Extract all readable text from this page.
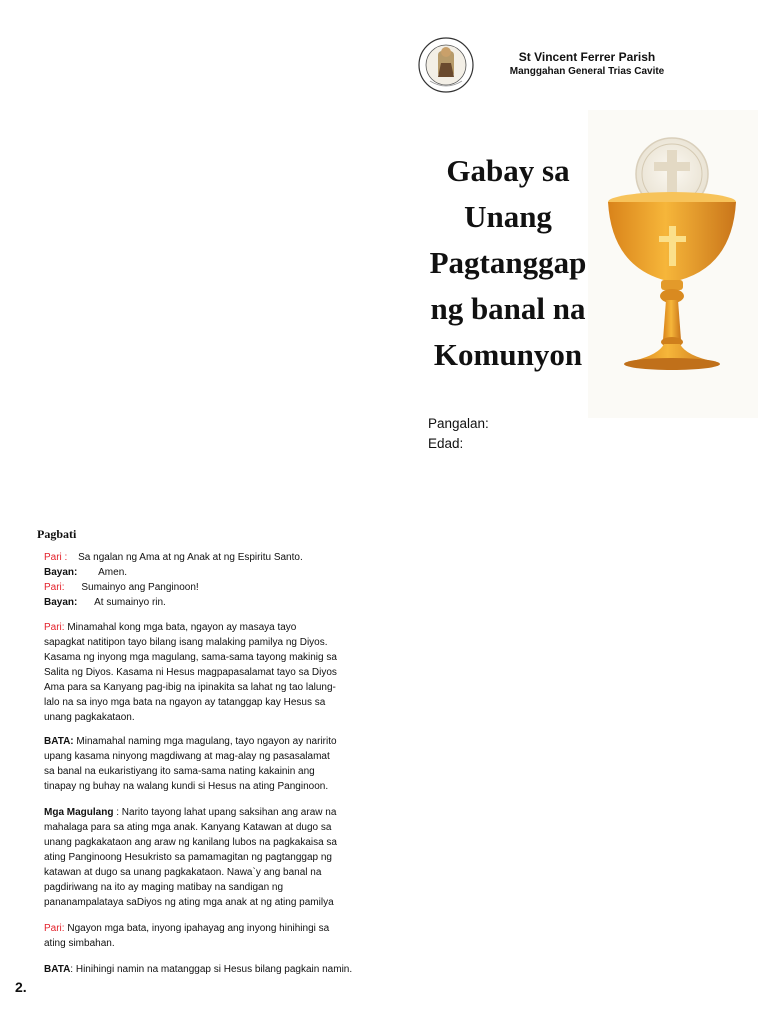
St Vincent Ferrer Parish
Manggahan General Trias Cavite
Gabay sa
Unang
Pagtanggap
ng banal na
Komunyon
Pangalan:
Edad:
Pagbati
Pari : Sa ngalan ng Ama at ng Anak at ng Espiritu Santo.
Bayan: Amen.
Pari: Sumainyo ang Panginoon!
Bayan: At sumainyo rin.
Pari: Minamahal kong mga bata, ngayon ay masaya tayo
sapagkat natitipon tayo bilang isang malaking pamilya ng Diyos.
Kasama ng inyong mga magulang, sama-sama tayong makinig sa
Salita ng Diyos. Kasama ni Hesus magpapasalamat tayo sa Diyos
Ama para sa Kanyang pag-ibig na ipinakita sa lahat ng tao lalung-
lalo na sa inyo mga bata na ngayon ay tatanggap kay Hesus sa
unang pagkakataon.
BATA: Minamahal naming mga magulang, tayo ngayon ay naririto
upang kasama ninyong magdiwang at mag-alay ng pasasalamat
sa banal na eukaristiyang ito sama-sama nating kakainin ang
tinapay ng buhay na walang kundi si Hesus na ating Panginoon.
Mga Magulang : Narito tayong lahat upang saksihan ang araw na
mahalaga para sa ating mga anak. Kanyang Katawan at dugo sa
unang pagkakataon ang araw ng kanilang lubos na pagkakaisa sa
ating Panginoong Hesukristo sa pamamagitan ng pagtanggap ng
katawan at dugo sa unang pagkakataon. Nawa`y ang banal na
pagdiriwang na ito ay maging matibay na sandigan ng
pananampalataya saDiyos ng ating mga anak at ng ating pamilya
Pari: Ngayon mga bata, inyong ipahayag ang inyong hinihingi sa
ating simbahan.
BATA: Hinihingi namin na matanggap si Hesus bilang pagkain namin.
2.
